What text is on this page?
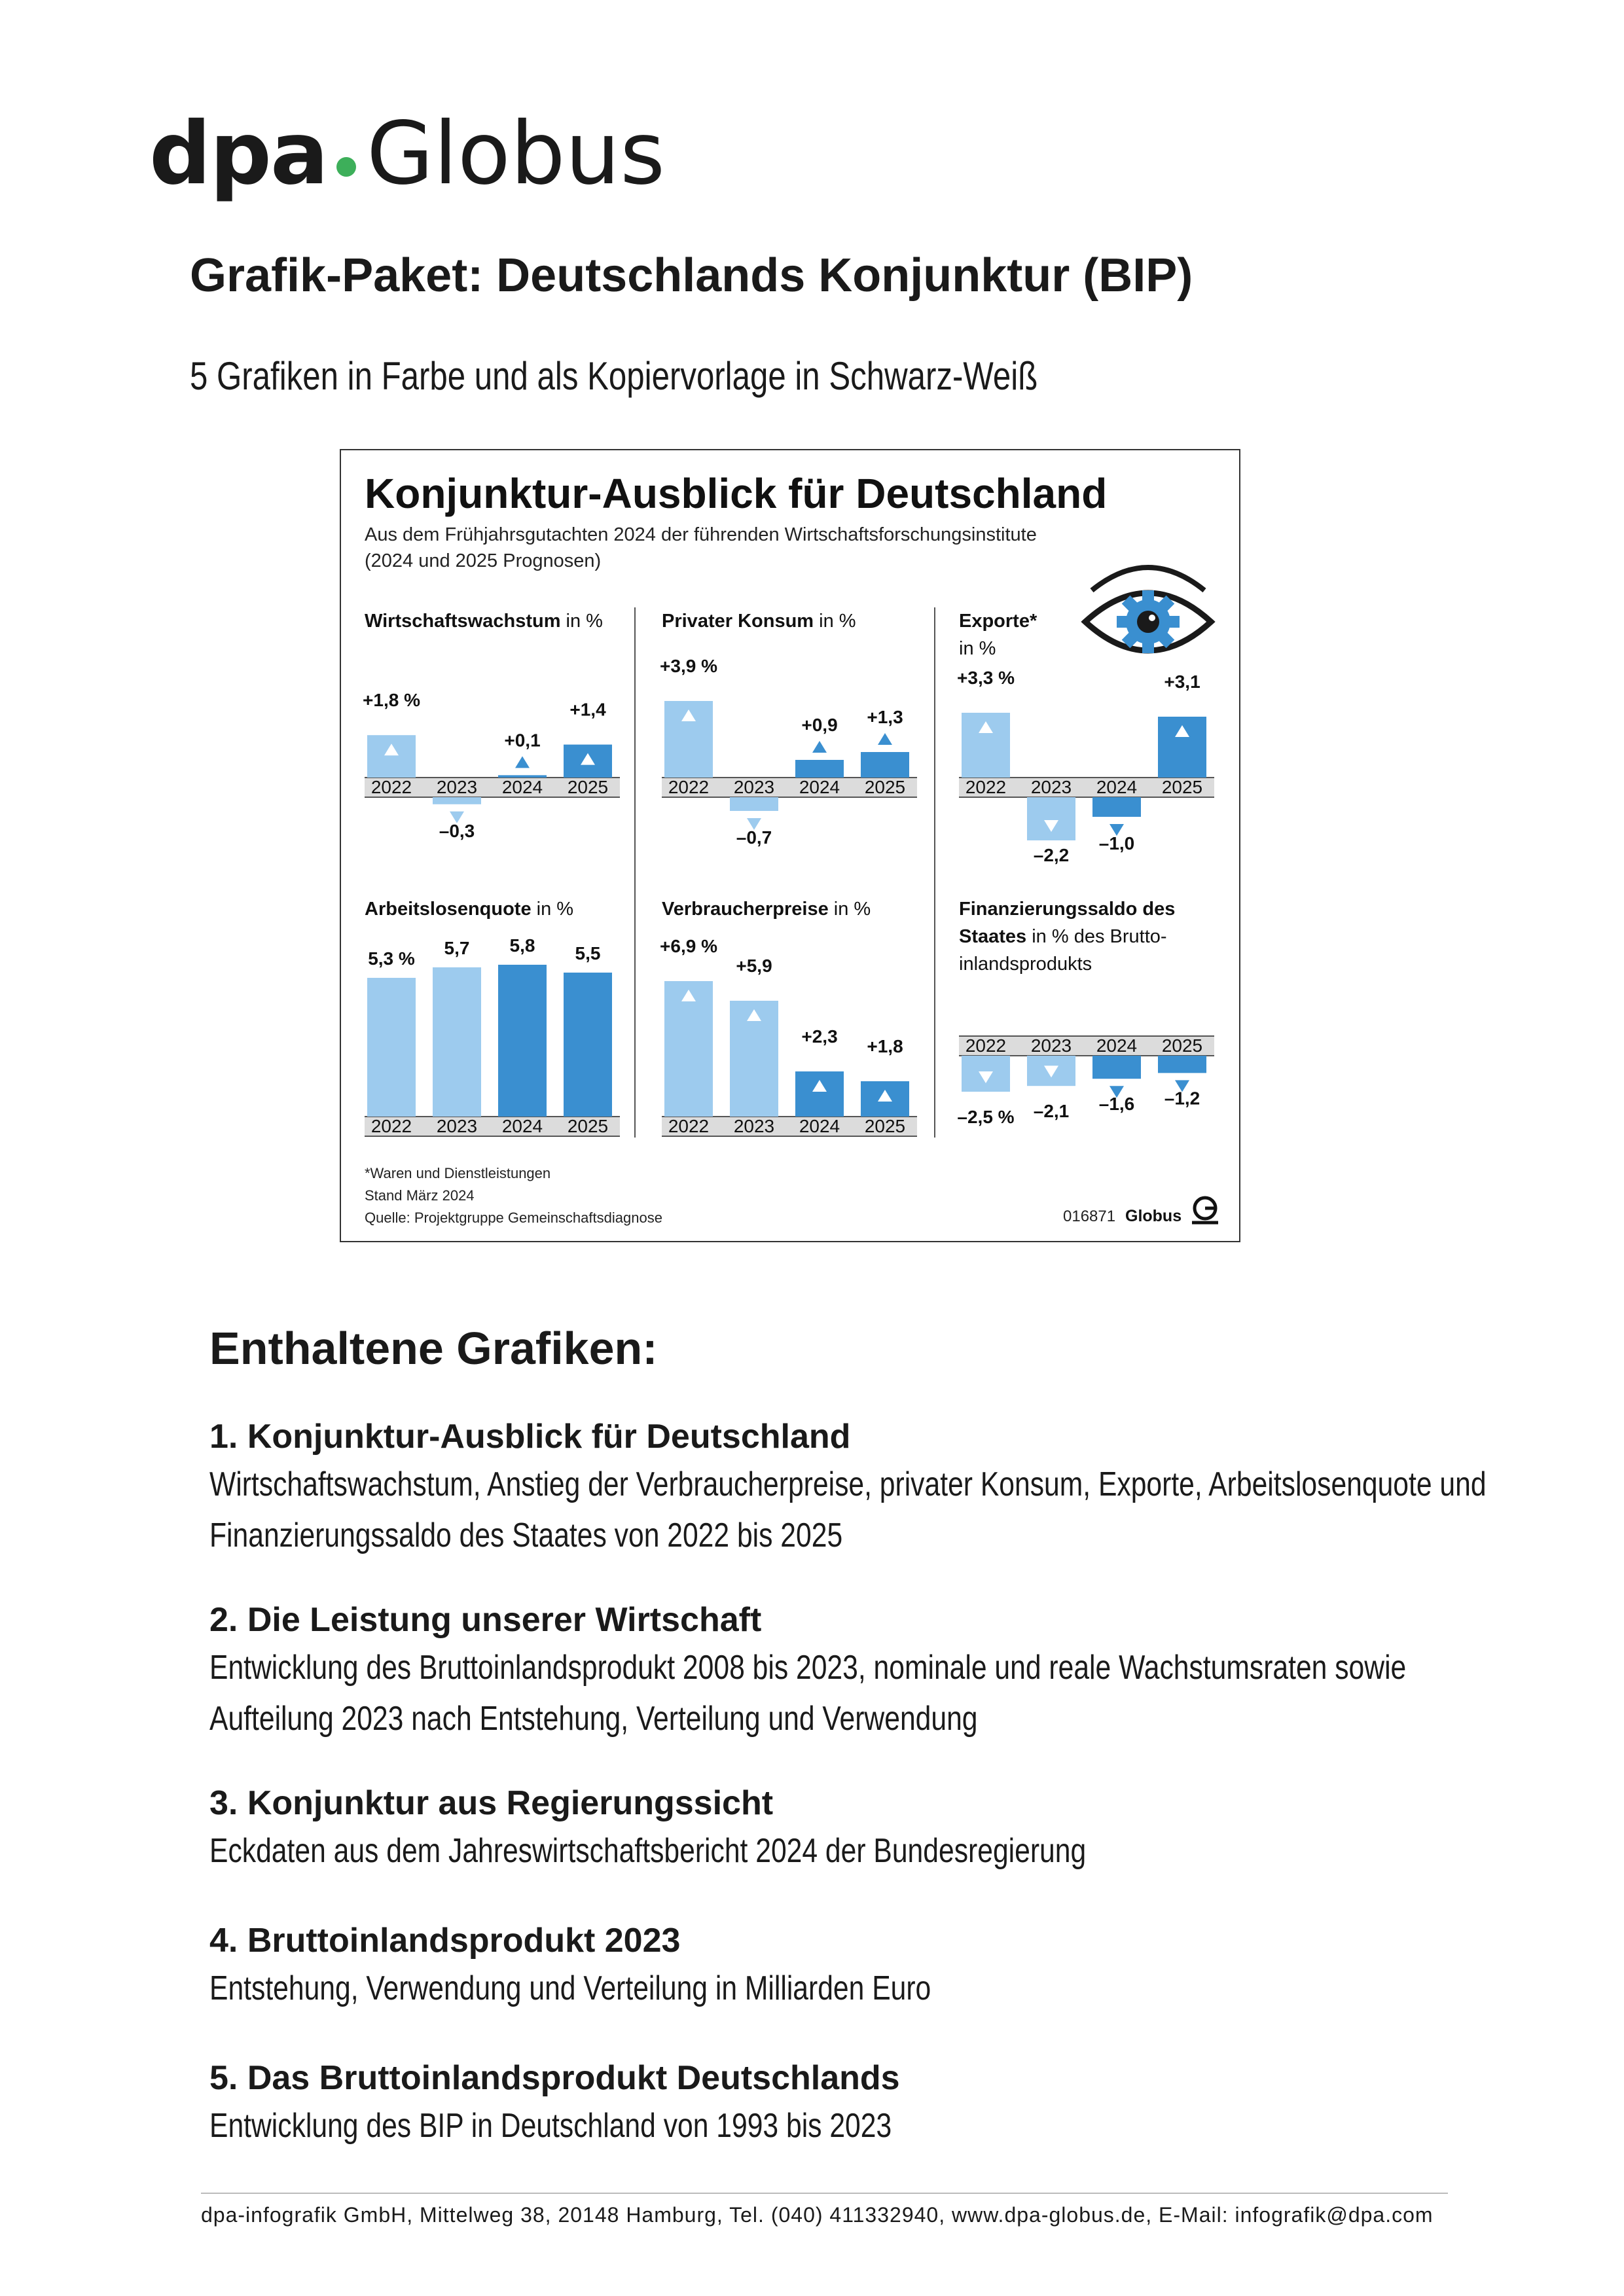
dpa Globus
Grafik-Paket: Deutschlands Konjunktur (BIP)
5 Grafiken in Farbe und als Kopiervorlage in Schwarz-Weiß
Konjunktur-Ausblick für Deutschland
Aus dem Frühjahrsgutachten 2024 der führenden Wirtschaftsforschungsinstitute
(2024 und 2025 Prognosen)
Wirtschaftswachstum in %
+1,8 %
2022
–0,3
2023
+0,1
2024
+1,4
2025
Privater Konsum in %
+3,9 %
2022
–0,7
2023
+0,9
2024
+1,3
2025
Exporte*
in %
+3,3 %
2022
–2,2
2023
–1,0
2024
+3,1
2025
Arbeitslosenquote in %
5,3 %
2022
5,7
2023
5,8
2024
5,5
2025
Verbraucherpreise in %
+6,9 %
2022
+5,9
2023
+2,3
2024
+1,8
2025
Finanzierungssaldo des
Staates in % des Brutto-
inlandsprodukts
–2,5 %
2022
–2,1
2023
–1,6
2024
–1,2
2025
*Waren und Dienstleistungen
Stand März 2024
Quelle: Projektgruppe Gemeinschaftsdiagnose	016871 Globus
Enthaltene Grafiken:
1. Konjunktur-Ausblick für Deutschland
Wirtschaftswachstum, Anstieg der Verbraucherpreise, privater Konsum, Exporte, Arbeitslosenquote und
Finanzierungssaldo des Staates von 2022 bis 2025
2. Die Leistung unserer Wirtschaft
Entwicklung des Bruttoinlandsprodukt 2008 bis 2023, nominale und reale Wachstumsraten sowie
Aufteilung 2023 nach Entstehung, Verteilung und Verwendung
3. Konjunktur aus Regierungssicht
Eckdaten aus dem Jahreswirtschaftsbericht 2024 der Bundesregierung
4. Bruttoinlandsprodukt 2023
Entstehung, Verwendung und Verteilung in Milliarden Euro
5. Das Bruttoinlandsprodukt Deutschlands
Entwicklung des BIP in Deutschland von 1993 bis 2023
dpa-infografik GmbH, Mittelweg 38, 20148 Hamburg, Tel. (040) 411332940, www.dpa-globus.de, E-Mail: infografik@dpa.com
